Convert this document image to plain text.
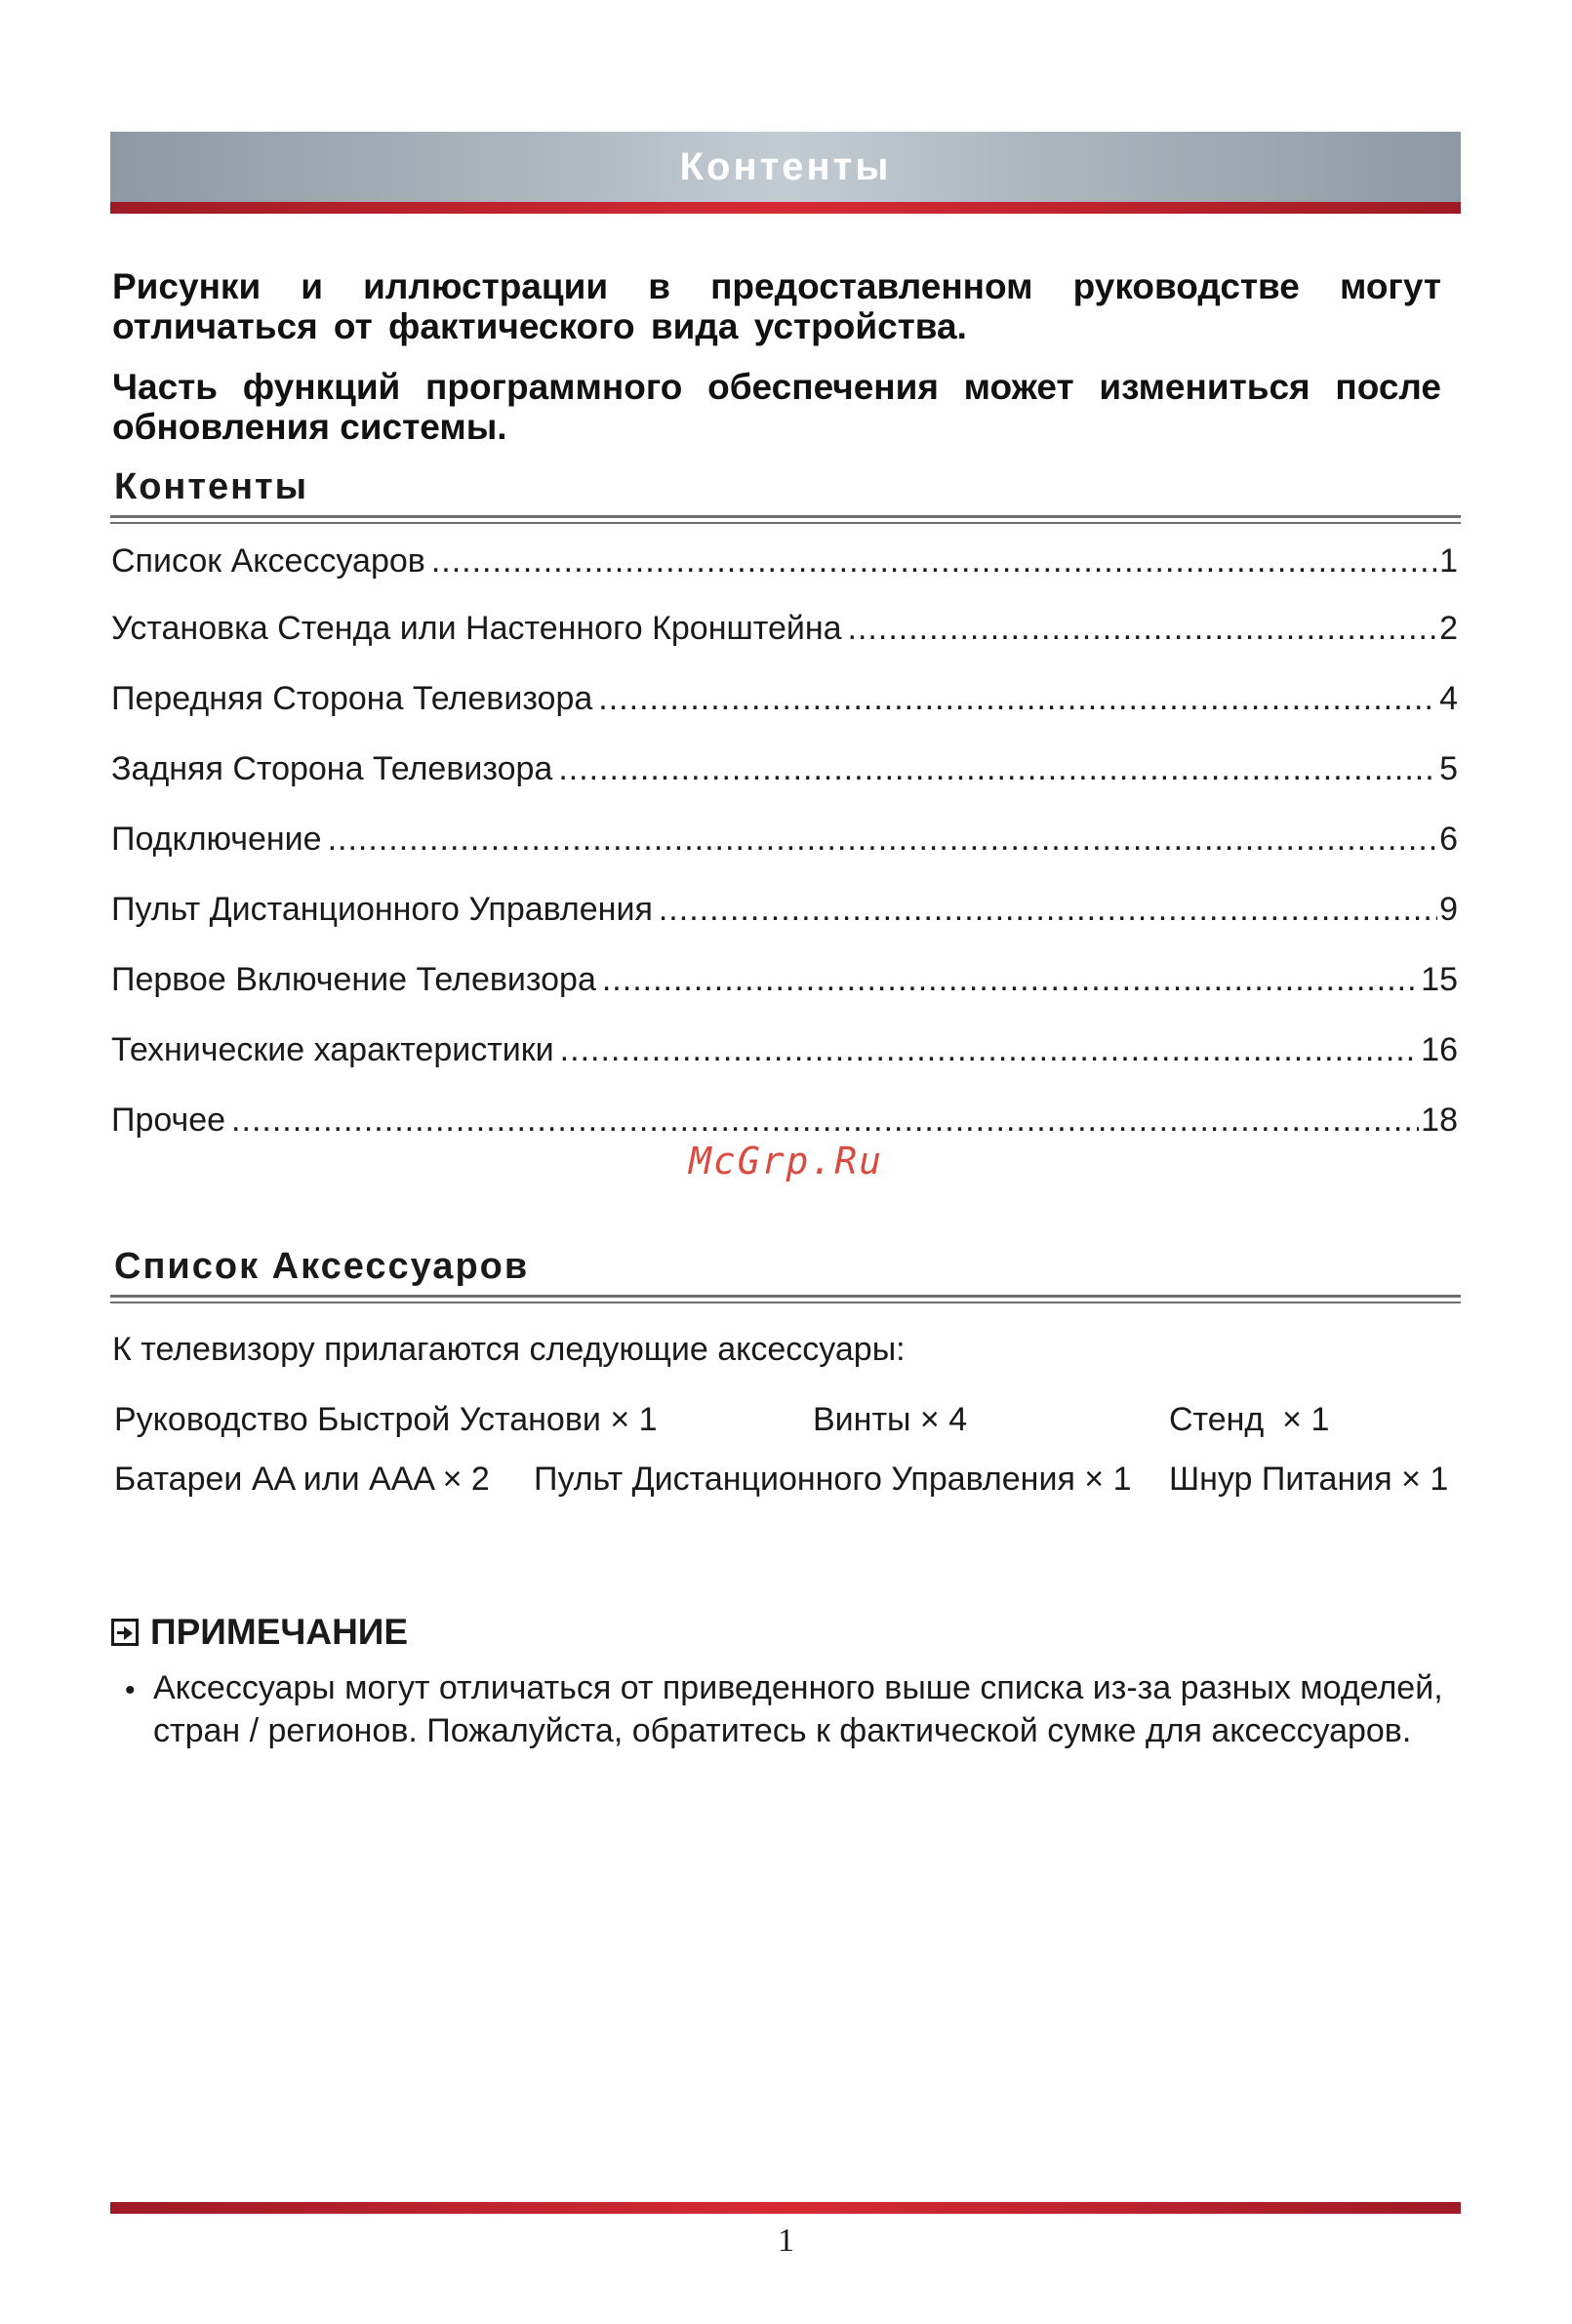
Контенты
Рисунки и иллюстрации в предоставленном руководстве могут отличаться от фактического вида устройства.
Часть функций программного обеспечения может измениться после обновления системы.
Контенты
Список Аксессуаров .....	1
Установка Стенда или Настенного Кронштейна .....	2
Передняя Сторона Телевизора .....	4
Задняя Сторона Телевизора .....	5
Подключение .....	6
Пульт Дистанционного Управления .....	9
Первое Включение Телевизора .....	15
Технические характеристики .....	16
Прочее .....	18
McGrp.Ru
Список Аксессуаров
К телевизору прилагаются следующие аксессуары:
Руководство Быстрой Установи × 1	Винты × 4	Стенд  × 1
Батареи AA или AAA × 2 Пульт Дистанционного Управления × 1 Шнур Питания × 1
ПРИМЕЧАНИЕ
• Аксессуары могут отличаться от приведенного выше списка из-за разных моделей, стран / регионов. Пожалуйста, обратитесь к фактической сумке для аксессуаров.
1
